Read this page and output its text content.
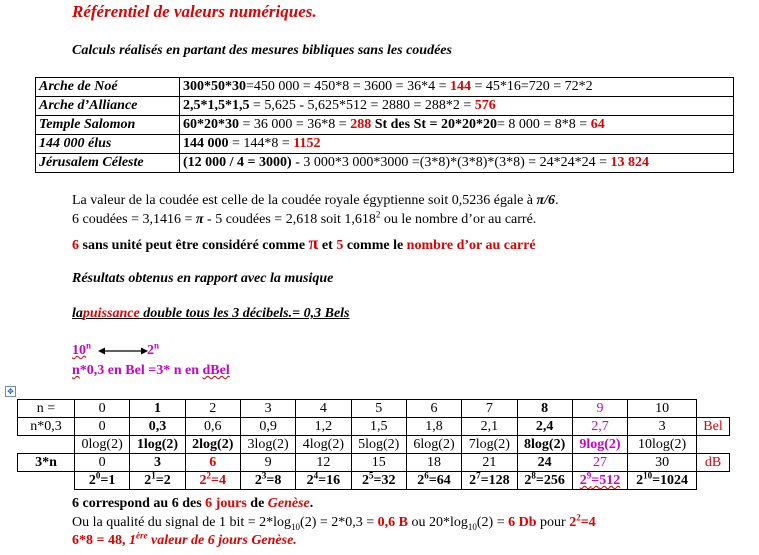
Référentiel de valeurs numériques.
Calculs réalisés en partant des mesures bibliques sans les coudées
Arche de Noé	300*50*30=450 000 = 450*8 = 3600 = 36*4 = 144 = 45*16=720 = 72*2
Arche d’Alliance	2,5*1,5*1,5 = 5,625 - 5,625*512 = 2880 = 288*2 = 576
Temple Salomon	60*20*30 = 36 000 = 36*8 = 288 St des St = 20*20*20= 8 000 = 8*8 = 64
144 000 élus	144 000 = 144*8 = 1152
Jérusalem Céleste	(12 000 / 4 = 3000) - 3 000*3 000*3000 =(3*8)*(3*8)*(3*8) = 24*24*24 = 13 824
La valeur de la coudée est celle de la coudée royale égyptienne soit 0,5236 égale à π/6.
6 coudées = 3,1416 = π - 5 coudées = 2,618 soit 1,618$^2$ ou le nombre d’or au carré.
6 sans unité peut être considéré comme π et 5 comme le nombre d’or au carré
Résultats obtenus en rapport avec la musique
lapuissance double tous les 3 décibels.= 0,3 Bels
10$^n$	2$^n$
n*0,3 en Bel =3* n en dBel
✥
n =	0	1	2	3	4	5	6	7	8	9	10	
n*0,3	0	0,3	0,6	0,9	1,2	1,5	1,8	2,1	2,4	2,7	3	Bel
	0log(2)	1log(2)	2log(2)	3log(2)	4log(2)	5log(2)	6log(2)	7log(2)	8log(2)	9log(2)	10log(2)	
3*n	0	3	6	9	12	15	18	21	24	27	30	dB
	$2^0=1$	$2^1=2$	$2^2=4$	$2^3=8$	$2^4=16$	$2^5=32$	$2^6=64$	$2^7=128$	$2^8=256$	$2^9=512$	$2^{10}=1024$	
6 correspond au 6 des 6 jours de Genèse.
Ou la qualité du signal de 1 bit = $2*\log_{10}(2) = 2*0,3 = 0,6$ B ou $20*\log_{10}(2) = 6$ Db pour $2^2=4$
6*8 = 48, 1ère valeur de 6 jours Genèse.
